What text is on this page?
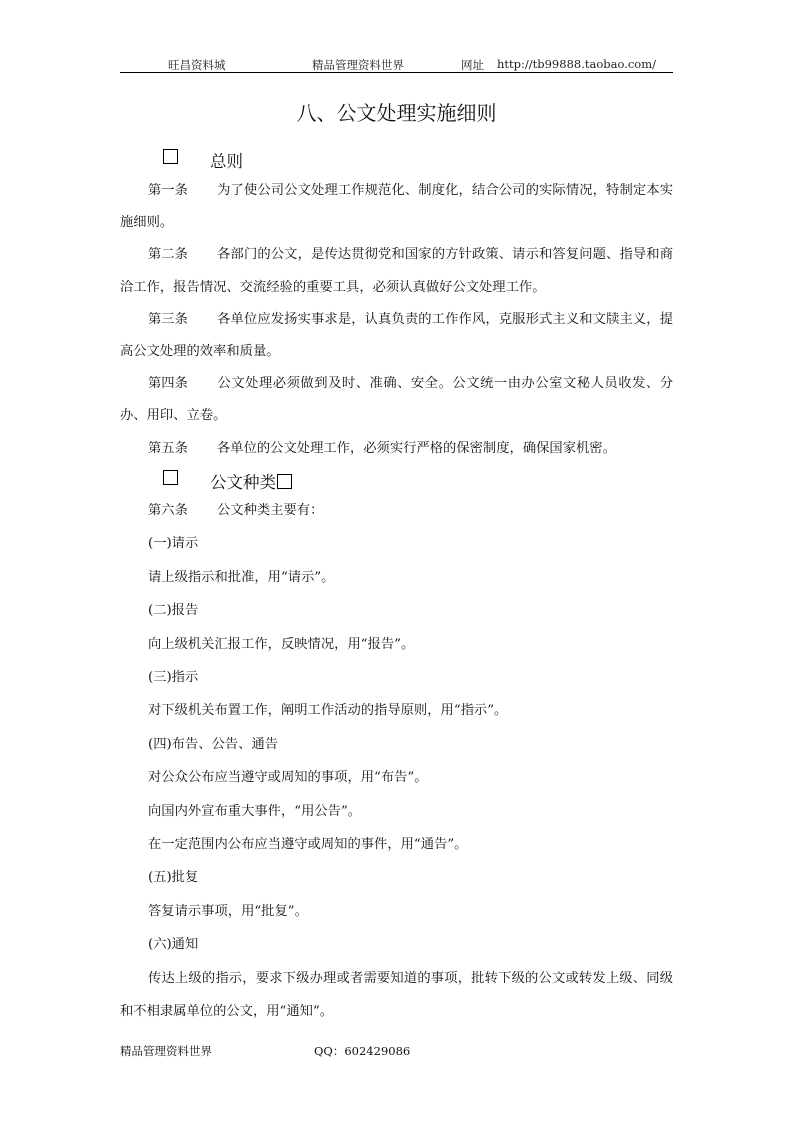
旺昌资料城	精品管理资料世界	网址 http://tb99888.taobao.com/
八、公文处理实施细则
总则

第一条 为了使公司公文处理工作规范化、制度化，结合公司的实际情况，特制定本实施细则。

第二条 各部门的公文，是传达贯彻党和国家的方针政策、请示和答复问题、指导和商洽工作，报告情况、交流经验的重要工具，必须认真做好公文处理工作。

第三条 各单位应发扬实事求是，认真负责的工作作风，克服形式主义和文牍主义，提高公文处理的效率和质量。

第四条 公文处理必须做到及时、准确、安全。公文统一由办公室文秘人员收发、分办、用印、立卷。

第五条 各单位的公文处理工作，必须实行严格的保密制度，确保国家机密。

公文种类

第六条 公文种类主要有：

(一)请示

请上级指示和批准，用“请示”。

(二)报告

向上级机关汇报工作，反映情况，用“报告”。

(三)指示

对下级机关布置工作，阐明工作活动的指导原则，用“指示”。

(四)布告、公告、通告

对公众公布应当遵守或周知的事项，用“布告”。

向国内外宣布重大事件，“用公告”。

在一定范围内公布应当遵守或周知的事件，用“通告”。

(五)批复

答复请示事项，用“批复”。

(六)通知

传达上级的指示，要求下级办理或者需要知道的事项，批转下级的公文或转发上级、同级和不相隶属单位的公文，用“通知”。

精品管理资料世界	QQ：602429086
